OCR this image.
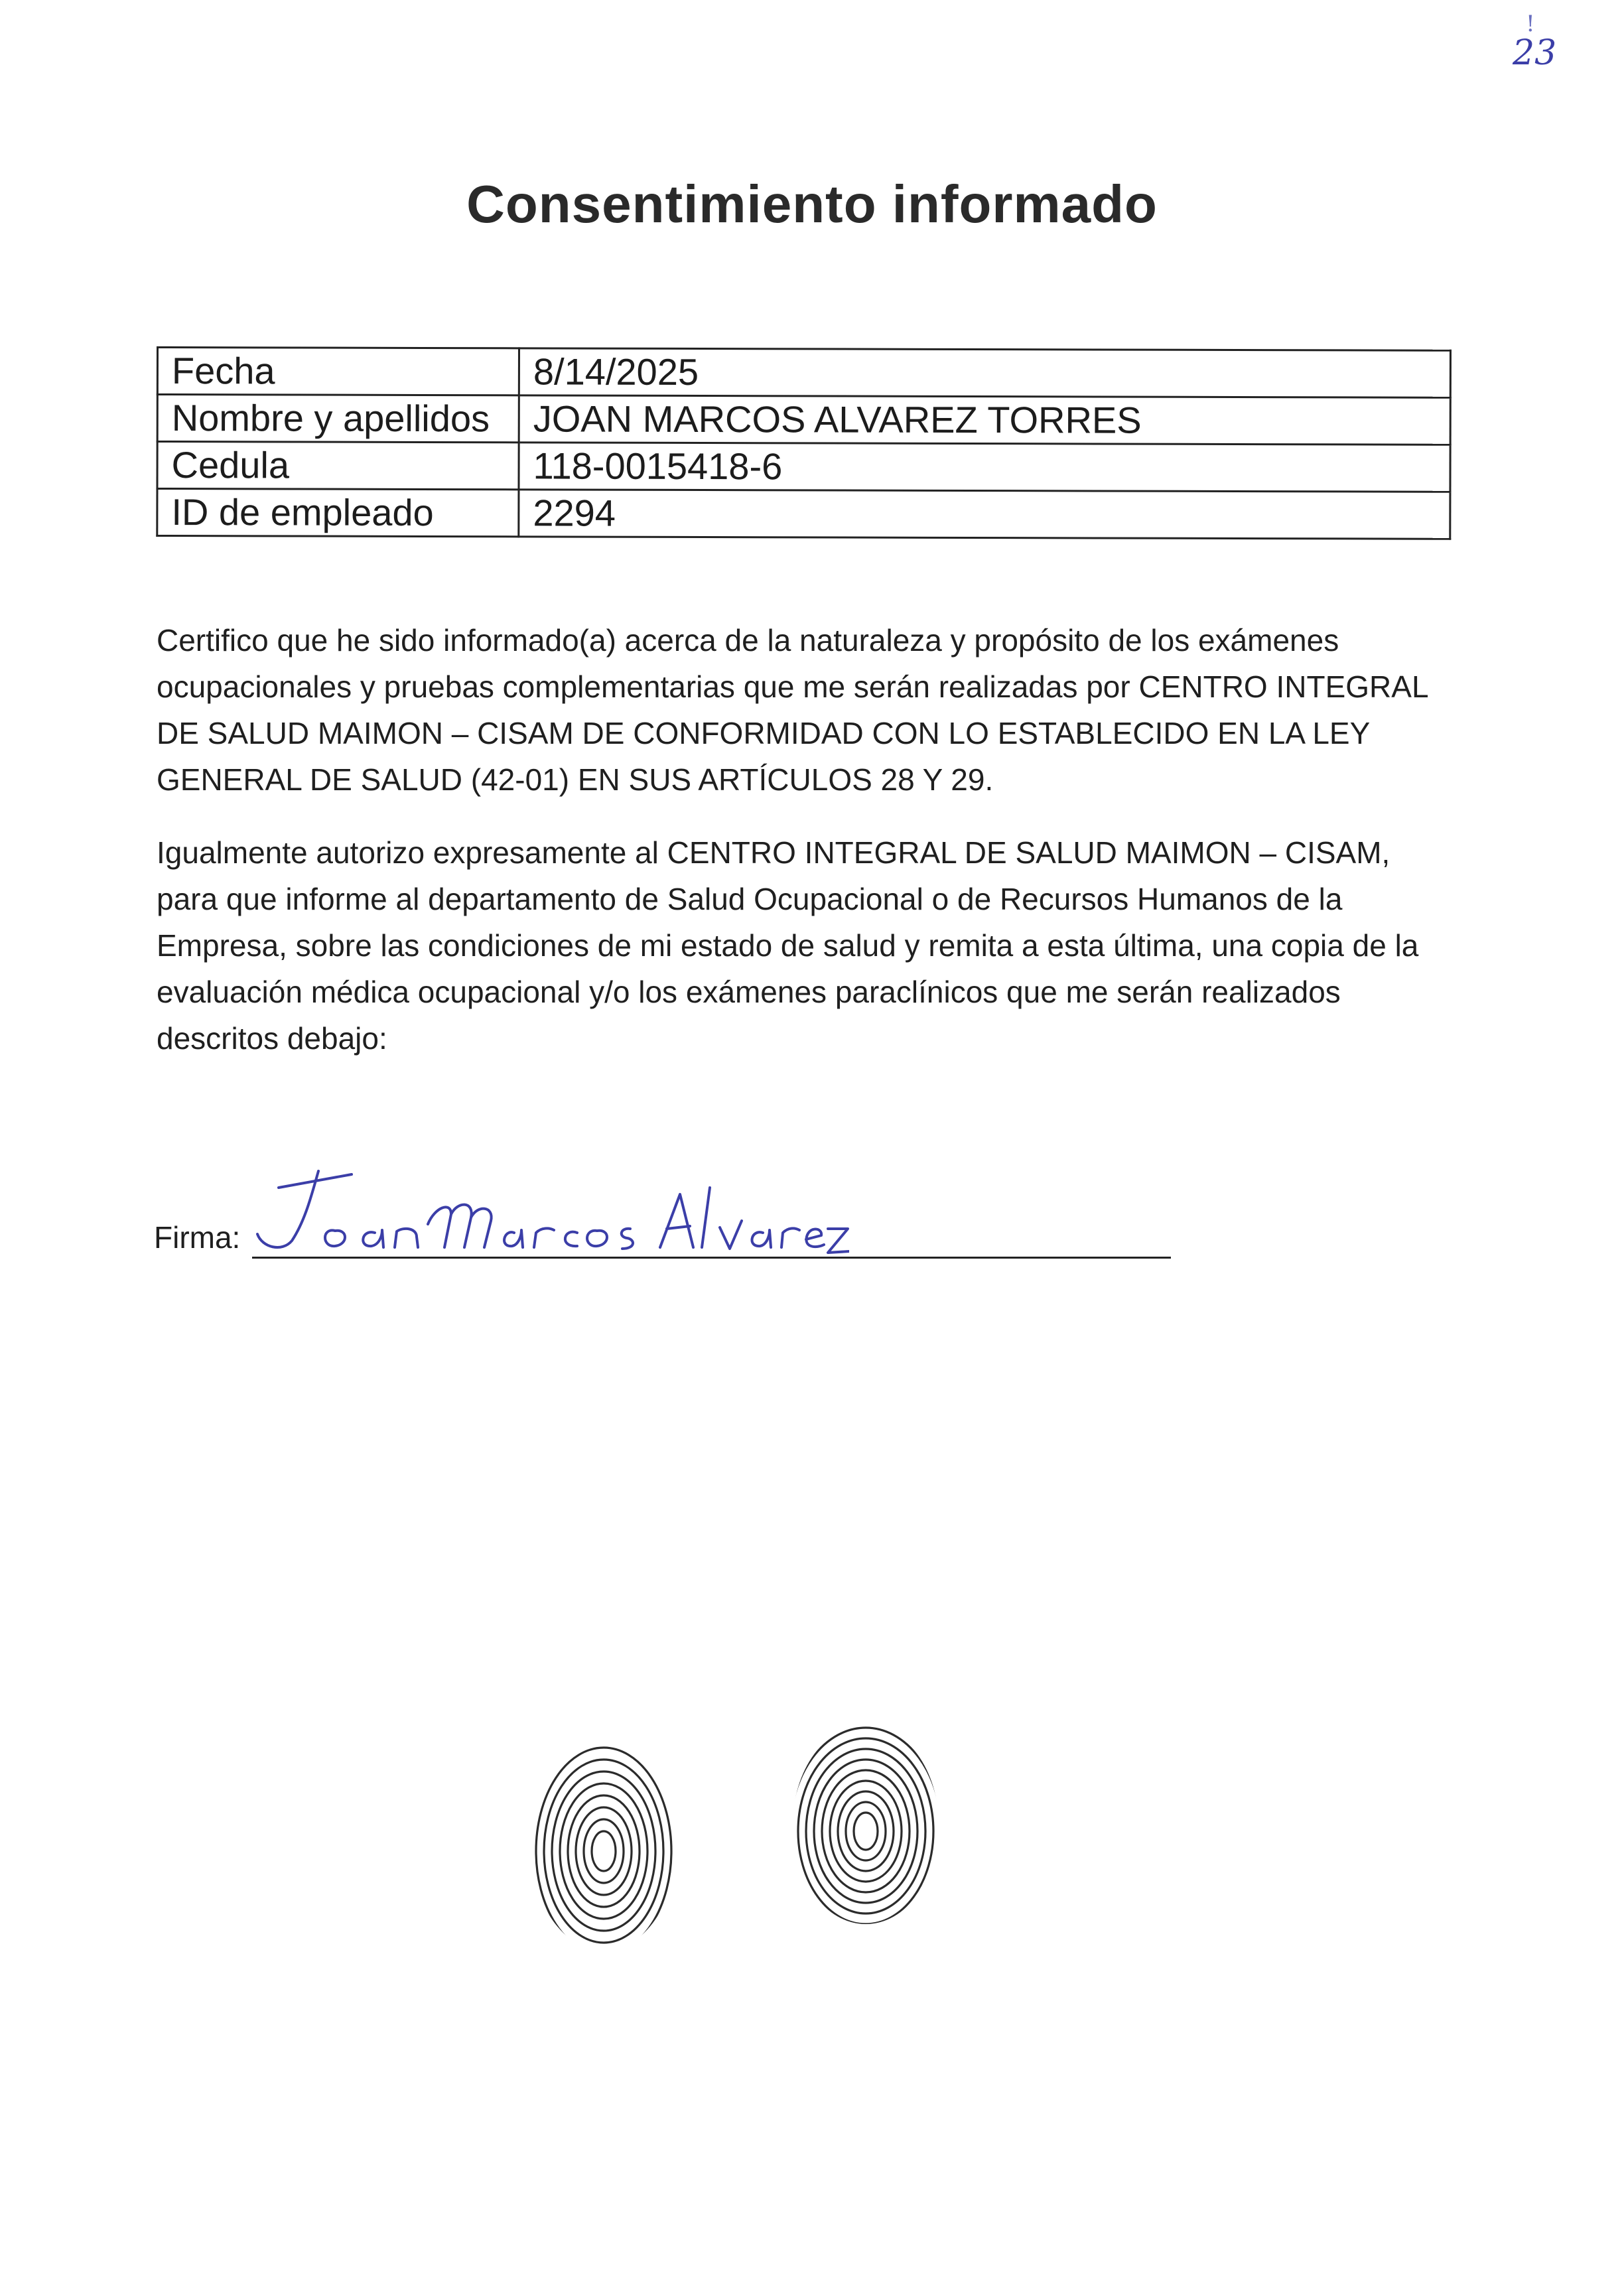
!
23
Consentimiento informado
Fecha	8/14/2025
Nombre y apellidos	JOAN MARCOS ALVAREZ TORRES
Cedula	118-0015418-6
ID de empleado	2294
Certifico que he sido informado(a) acerca de la naturaleza y propósito de los exámenes ocupacionales y pruebas complementarias que me serán realizadas por CENTRO INTEGRAL DE SALUD MAIMON – CISAM DE CONFORMIDAD CON LO ESTABLECIDO EN LA LEY GENERAL DE SALUD (42-01) EN SUS ARTÍCULOS 28 Y 29.
Igualmente autorizo expresamente al CENTRO INTEGRAL DE SALUD MAIMON – CISAM, para que informe al departamento de Salud Ocupacional o de Recursos Humanos de la Empresa, sobre las condiciones de mi estado de salud y remita a esta última, una copia de la evaluación médica ocupacional y/o los exámenes paraclínicos que me serán realizados descritos debajo:
Firma:
